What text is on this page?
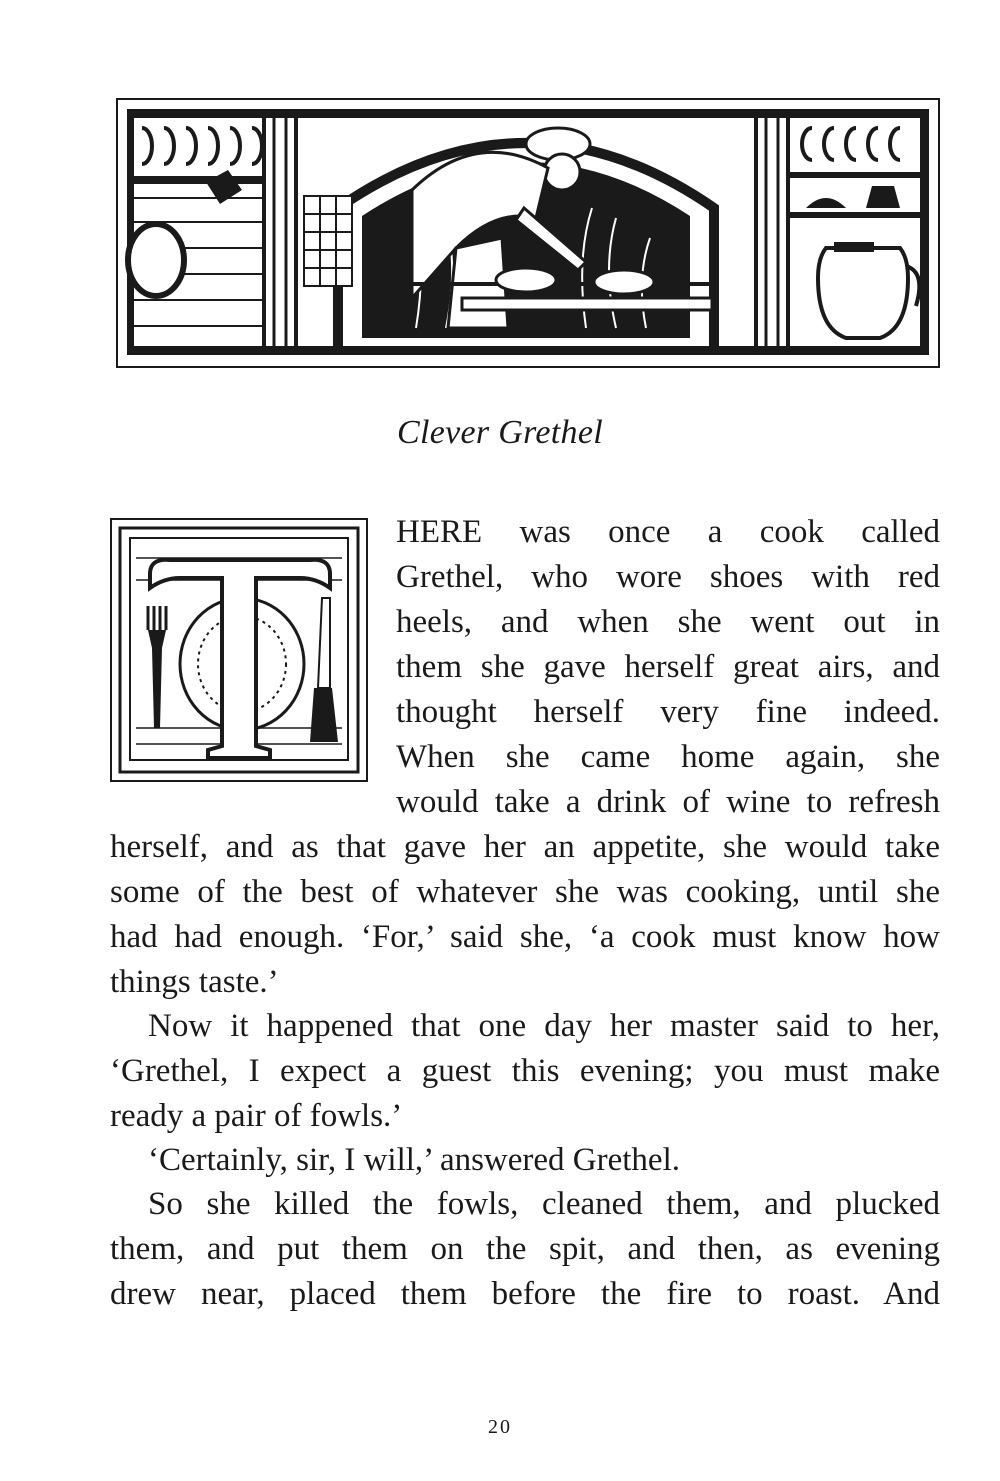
Clever Grethel
HERE was once a cook called
Grethel, who wore shoes with red
heels, and when she went out in
them she gave herself great airs, and
thought herself very fine indeed.
When she came home again, she
would take a drink of wine to refresh
herself, and as that gave her an appetite, she would take
some of the best of whatever she was cooking, until she
had had enough. ‘For,’ said she, ‘a cook must know how
things taste.’
Now it happened that one day her master said to her,
‘Grethel, I expect a guest this evening; you must make
ready a pair of fowls.’
‘Certainly, sir, I will,’ answered Grethel.
So she killed the fowls, cleaned them, and plucked
them, and put them on the spit, and then, as evening
drew near, placed them before the fire to roast. And
20
